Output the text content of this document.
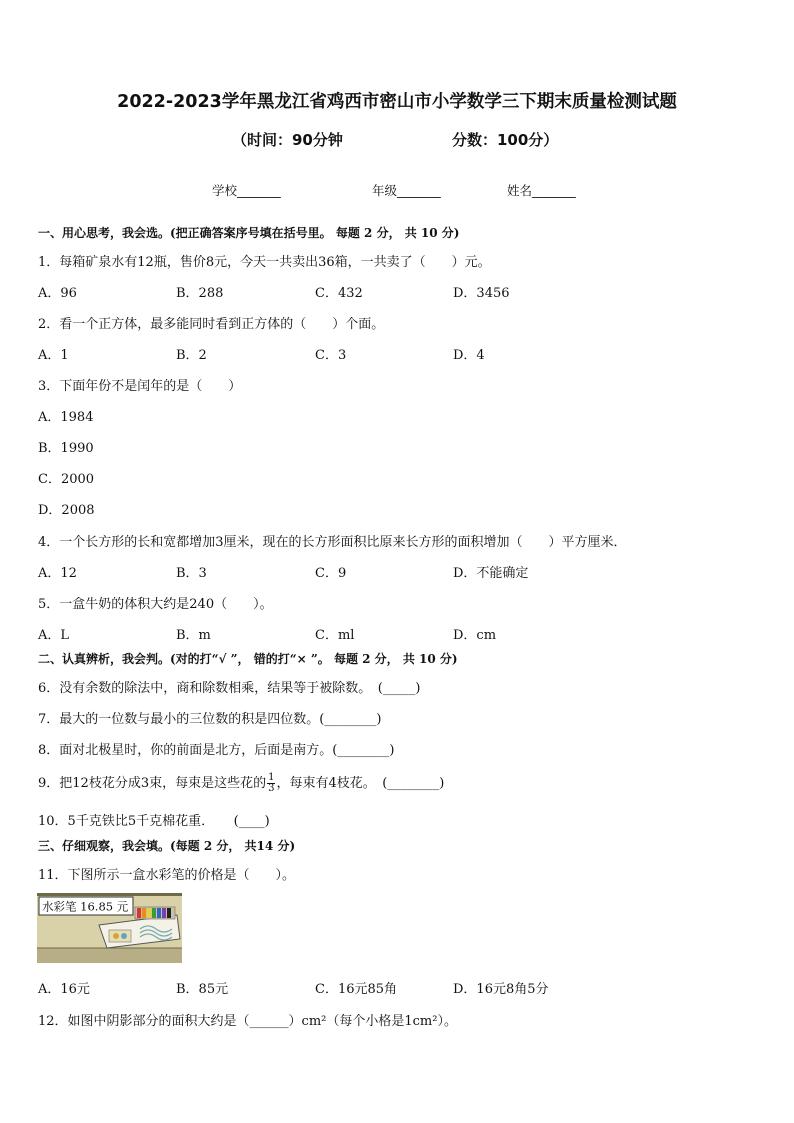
2022-2023学年黑龙江省鸡西市密山市小学数学三下期末质量检测试题
（时间：90分钟	分数：100分）
学校_______	年级_______	姓名_______
一、用心思考，我会选。(把正确答案序号填在括号里。 每题 2 分， 共 10 分)
1．每箱矿泉水有12瓶，售价8元，今天一共卖出36箱，一共卖了（　　）元。
A．96	B．288	C．432	D．3456
2．看一个正方体，最多能同时看到正方体的（　　）个面。
A．1	B．2	C．3	D．4
3．下面年份不是闰年的是（　　）
A．1984
B．1990
C．2000
D．2008
4．一个长方形的长和宽都增加3厘米，现在的长方形面积比原来长方形的面积增加（　　）平方厘米．
A．12	B．3	C．9	D．不能确定
5．一盒牛奶的体积大约是240（　　）。
A．L	B．m	C．ml	D．cm
二、认真辨析，我会判。(对的打“√ ”， 错的打“× ”。 每题 2 分， 共 10 分)
6．没有余数的除法中，商和除数相乘，结果等于被除数。　(_____)
7．最大的一位数与最小的三位数的积是四位数。(________)
8．面对北极星时，你的前面是北方，后面是南方。(________)
9．把12枝花分成3束，每束是这些花的 $\frac{1}{3}$ ，每束有4枝花。　(________)
10．5千克铁比5千克棉花重．　　(____)
三、仔细观察，我会填。(每题 2 分， 共14 分)
11．下图所示一盒水彩笔的价格是（　　）。
水彩笔 16.85 元
A．16元	B．85元	C．16元85角	D．16元8角5分
12．如图中阴影部分的面积大约是（______）cm²（每个小格是1cm²）。
